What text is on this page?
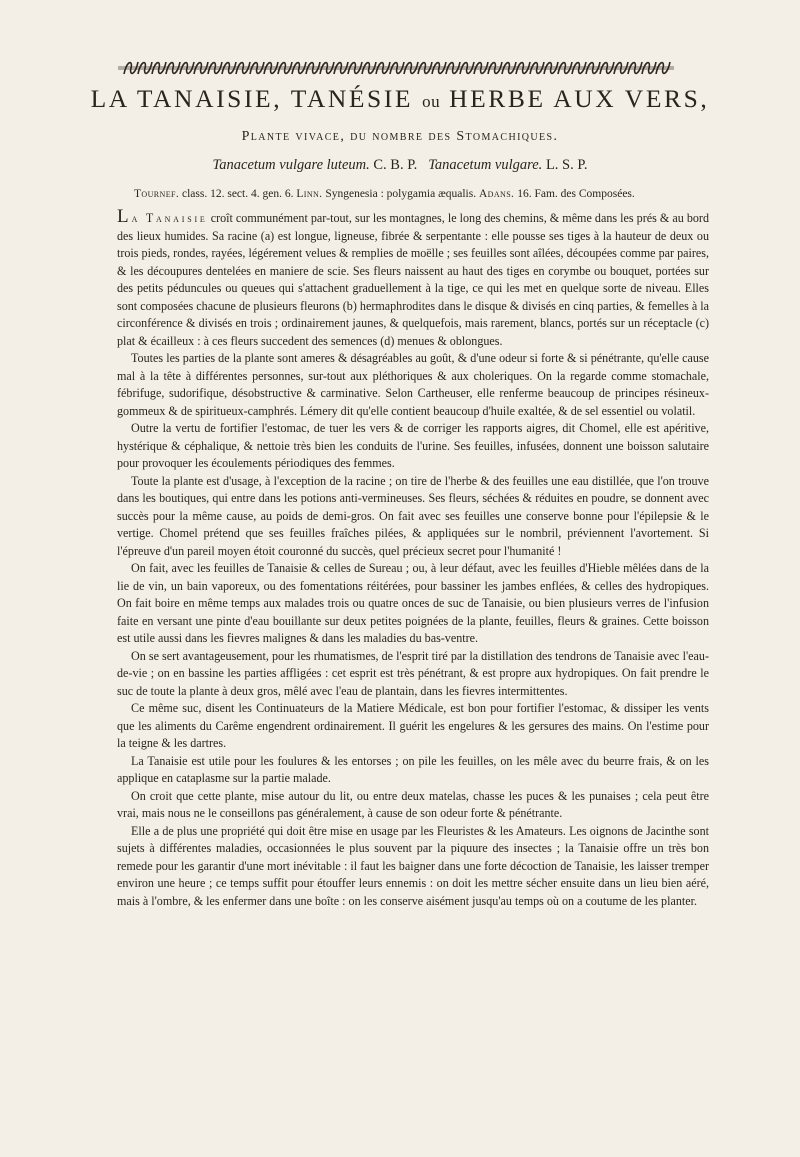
LA TANAISIE, TANÉSIE ou HERBE AUX VERS,
Plante vivace, du nombre des Stomachiques.
Tanacetum vulgare luteum. C. B. P. Tanacetum vulgare. L. S. P.
Tournef. class. 12. sect. 4. gen. 6. Linn. Syngenesia : polygamia æqualis. Adans. 16. Fam. des Composées.

La Tanaisie croît communément par-tout, sur les montagnes, le long des chemins, & même dans les prés & au bord des lieux humides. Sa racine (a) est longue, ligneuse, fibrée & serpentante : elle pousse ses tiges à la hauteur de deux ou trois pieds, rondes, rayées, légérement velues & remplies de moëlle ; ses feuilles sont aîlées, découpées comme par paires, & les découpures dentelées en maniere de scie. Ses fleurs naissent au haut des tiges en corymbe ou bouquet, portées sur des petits péduncules ou queues qui s'attachent graduellement à la tige, ce qui les met en quelque sorte de niveau. Elles sont composées chacune de plusieurs fleurons (b) hermaphrodites dans le disque & divisés en cinq parties, & femelles à la circonférence & divisés en trois ; ordinairement jaunes, & quelquefois, mais rarement, blancs, portés sur un réceptacle (c) plat & écailleux : à ces fleurs succedent des semences (d) menues & oblongues.

Toutes les parties de la plante sont ameres & désagréables au goût, & d'une odeur si forte & si pénétrante, qu'elle cause mal à la tête à différentes personnes, sur-tout aux pléthoriques & aux choleriques. On la regarde comme stomachale, fébrifuge, sudorifique, désobstructive & carminative. Selon Cartheuser, elle renferme beaucoup de principes résineux-gommeux & de spiritueux-camphrés. Lémery dit qu'elle contient beaucoup d'huile exaltée, & de sel essentiel ou volatil.

Outre la vertu de fortifier l'estomac, de tuer les vers & de corriger les rapports aigres, dit Chomel, elle est apéritive, hystérique & céphalique, & nettoie très bien les conduits de l'urine. Ses feuilles, infusées, donnent une boisson salutaire pour provoquer les écoulements périodiques des femmes.

Toute la plante est d'usage, à l'exception de la racine ; on tire de l'herbe & des feuilles une eau distillée, que l'on trouve dans les boutiques, qui entre dans les potions anti-vermineuses. Ses fleurs, séchées & réduites en poudre, se donnent avec succès pour la même cause, au poids de demi-gros. On fait avec ses feuilles une conserve bonne pour l'épilepsie & le vertige. Chomel prétend que ses feuilles fraîches pilées, & appliquées sur le nombril, préviennent l'avortement. Si l'épreuve d'un pareil moyen étoit couronné du succès, quel précieux secret pour l'humanité !

On fait, avec les feuilles de Tanaisie & celles de Sureau ; ou, à leur défaut, avec les feuilles d'Hieble mêlées dans de la lie de vin, un bain vaporeux, ou des fomentations réitérées, pour bassiner les jambes enflées, & celles des hydropiques. On fait boire en même temps aux malades trois ou quatre onces de suc de Tanaisie, ou bien plusieurs verres de l'infusion faite en versant une pinte d'eau bouillante sur deux petites poignées de la plante, feuilles, fleurs & graines. Cette boisson est utile aussi dans les fievres malignes & dans les maladies du bas-ventre.

On se sert avantageusement, pour les rhumatismes, de l'esprit tiré par la distillation des tendrons de Tanaisie avec l'eau-de-vie ; on en bassine les parties affligées : cet esprit est très pénétrant, & est propre aux hydropiques. On fait prendre le suc de toute la plante à deux gros, mêlé avec l'eau de plantain, dans les fievres intermittentes.

Ce même suc, disent les Continuateurs de la Matiere Médicale, est bon pour fortifier l'estomac, & dissiper les vents que les aliments du Carême engendrent ordinairement. Il guérit les engelures & les gersures des mains. On l'estime pour la teigne & les dartres.

La Tanaisie est utile pour les foulures & les entorses ; on pile les feuilles, on les mêle avec du beurre frais, & on les applique en cataplasme sur la partie malade.

On croit que cette plante, mise autour du lit, ou entre deux matelas, chasse les puces & les punaises ; cela peut être vrai, mais nous ne le conseillons pas généralement, à cause de son odeur forte & pénétrante.

Elle a de plus une propriété qui doit être mise en usage par les Fleuristes & les Amateurs. Les oignons de Jacinthe sont sujets à différentes maladies, occasionnées le plus souvent par la piquure des insectes ; la Tanaisie offre un très bon remede pour les garantir d'une mort inévitable : il faut les baigner dans une forte décoction de Tanaisie, les laisser tremper environ une heure ; ce temps suffit pour étouffer leurs ennemis : on doit les mettre sécher ensuite dans un lieu bien aéré, mais à l'ombre, & les enfermer dans une boîte : on les conserve aisément jusqu'au temps où on a coutume de les planter.
